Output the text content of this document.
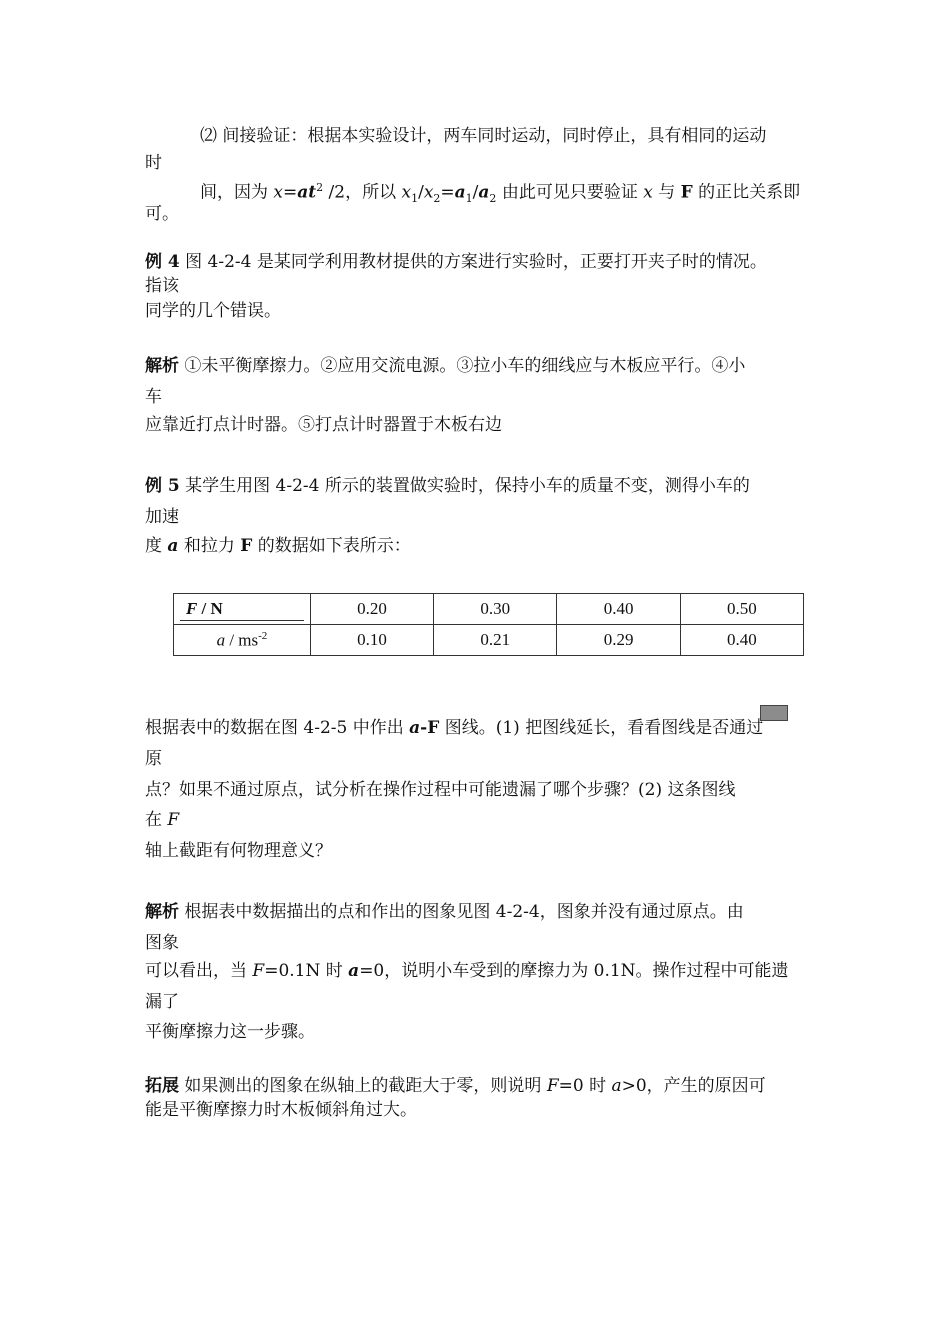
⑵ 间接验证：根据本实验设计，两车同时运动，同时停止，具有相同的运动
时
间，因为 $x=at^2$ /2，所以 $x_1/x_2=a_1/a_2$ 由此可见只要验证 x 与 F 的正比关系即
可。
例 4 图 4-2-4 是某同学利用教材提供的方案进行实验时，正要打开夹子时的情况。
指该
同学的几个错误。
解析 ①未平衡摩擦力。②应用交流电源。③拉小车的细线应与木板应平行。④小
车
应靠近打点计时器。⑤打点计时器置于木板右边
例 5 某学生用图 4-2-4 所示的装置做实验时，保持小车的质量不变，测得小车的
加速
度 a 和拉力 F 的数据如下表所示：
F / N	0.20	0.30	0.40	0.50
a / $ms^{-2}$	0.10	0.21	0.29	0.40
根据表中的数据在图 4-2-5 中作出 a-F 图线。(1) 把图线延长，看看图线是否通过
原
点？如果不通过原点，试分析在操作过程中可能遗漏了哪个步骤？(2) 这条图线
在 F
轴上截距有何物理意义？
解析 根据表中数据描出的点和作出的图象见图 4-2-4，图象并没有通过原点。由
图象
可以看出，当 F=0.1N 时 a=0，说明小车受到的摩擦力为 0.1N。操作过程中可能遗
漏了
平衡摩擦力这一步骤。
拓展 如果测出的图象在纵轴上的截距大于零，则说明 F=0 时 a>0，产生的原因可
能是平衡摩擦力时木板倾斜角过大。
